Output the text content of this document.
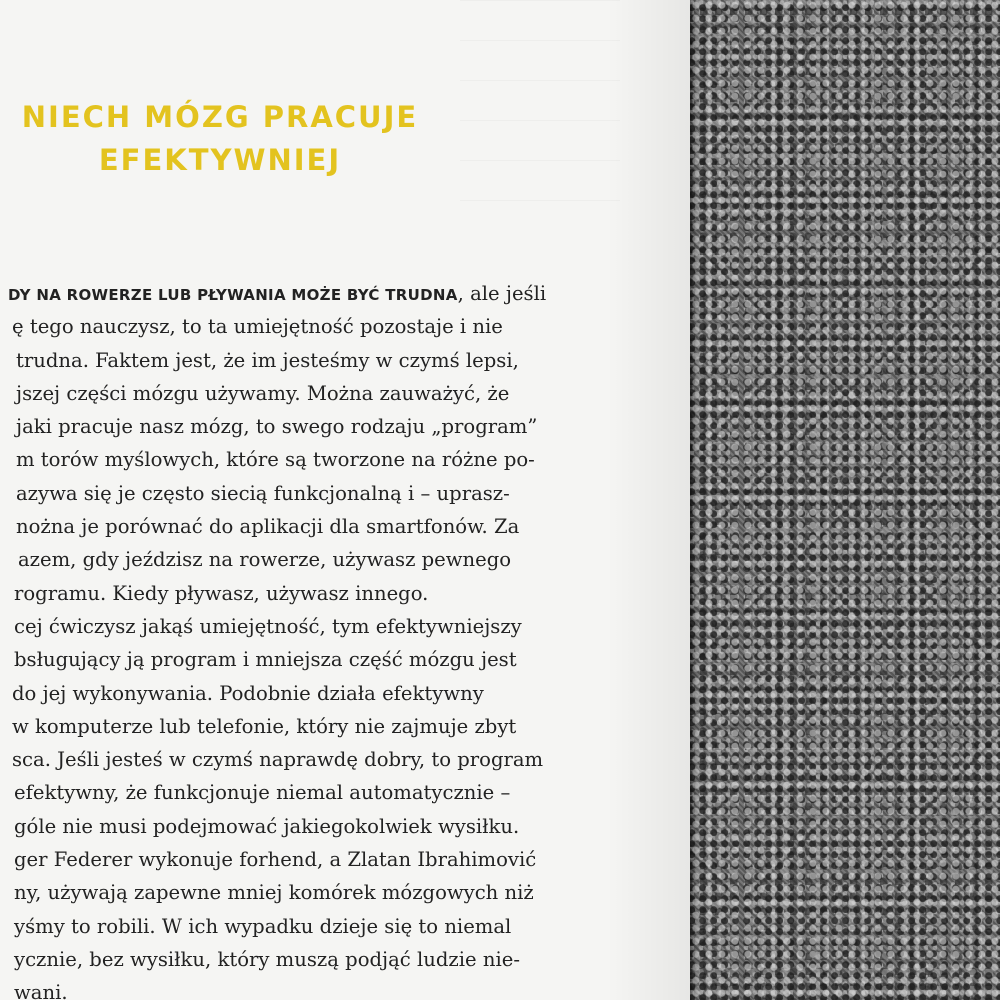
NIECH MÓZG PRACUJE
EFEKTYWNIEJ
DY NA ROWERZE LUB PŁYWANIA MOŻE BYĆ TRUDNA, ale jeśli
ę tego nauczysz, to ta umiejętność pozostaje i nie
trudna. Faktem jest, że im jesteśmy w czymś lepsi,
jszej części mózgu używamy. Można zauważyć, że
jaki pracuje nasz mózg, to swego rodzaju „program”
m torów myślowych, które są tworzone na różne po-
azywa się je często siecią funkcjonalną i – uprasz-
nożna je porównać do aplikacji dla smartfonów. Za
azem, gdy jeździsz na rowerze, używasz pewnego
rogramu. Kiedy pływasz, używasz innego.
cej ćwiczysz jakąś umiejętność, tym efektywniejszy
bsługujący ją program i mniejsza część mózgu jest
do jej wykonywania. Podobnie działa efektywny
w komputerze lub telefonie, który nie zajmuje zbyt
sca. Jeśli jesteś w czymś naprawdę dobry, to program
efektywny, że funkcjonuje niemal automatycznie –
gólе nie musi podejmować jakiegokolwiek wysiłku.
ger Federer wykonuje forhend, a Zlatan Ibrahimović
ny, używają zapewne mniej komórek mózgowych niż
yśmy to robili. W ich wypadku dzieje się to niemal
ycznie, bez wysiłku, który muszą podjąć ludzie nie-
wani.
